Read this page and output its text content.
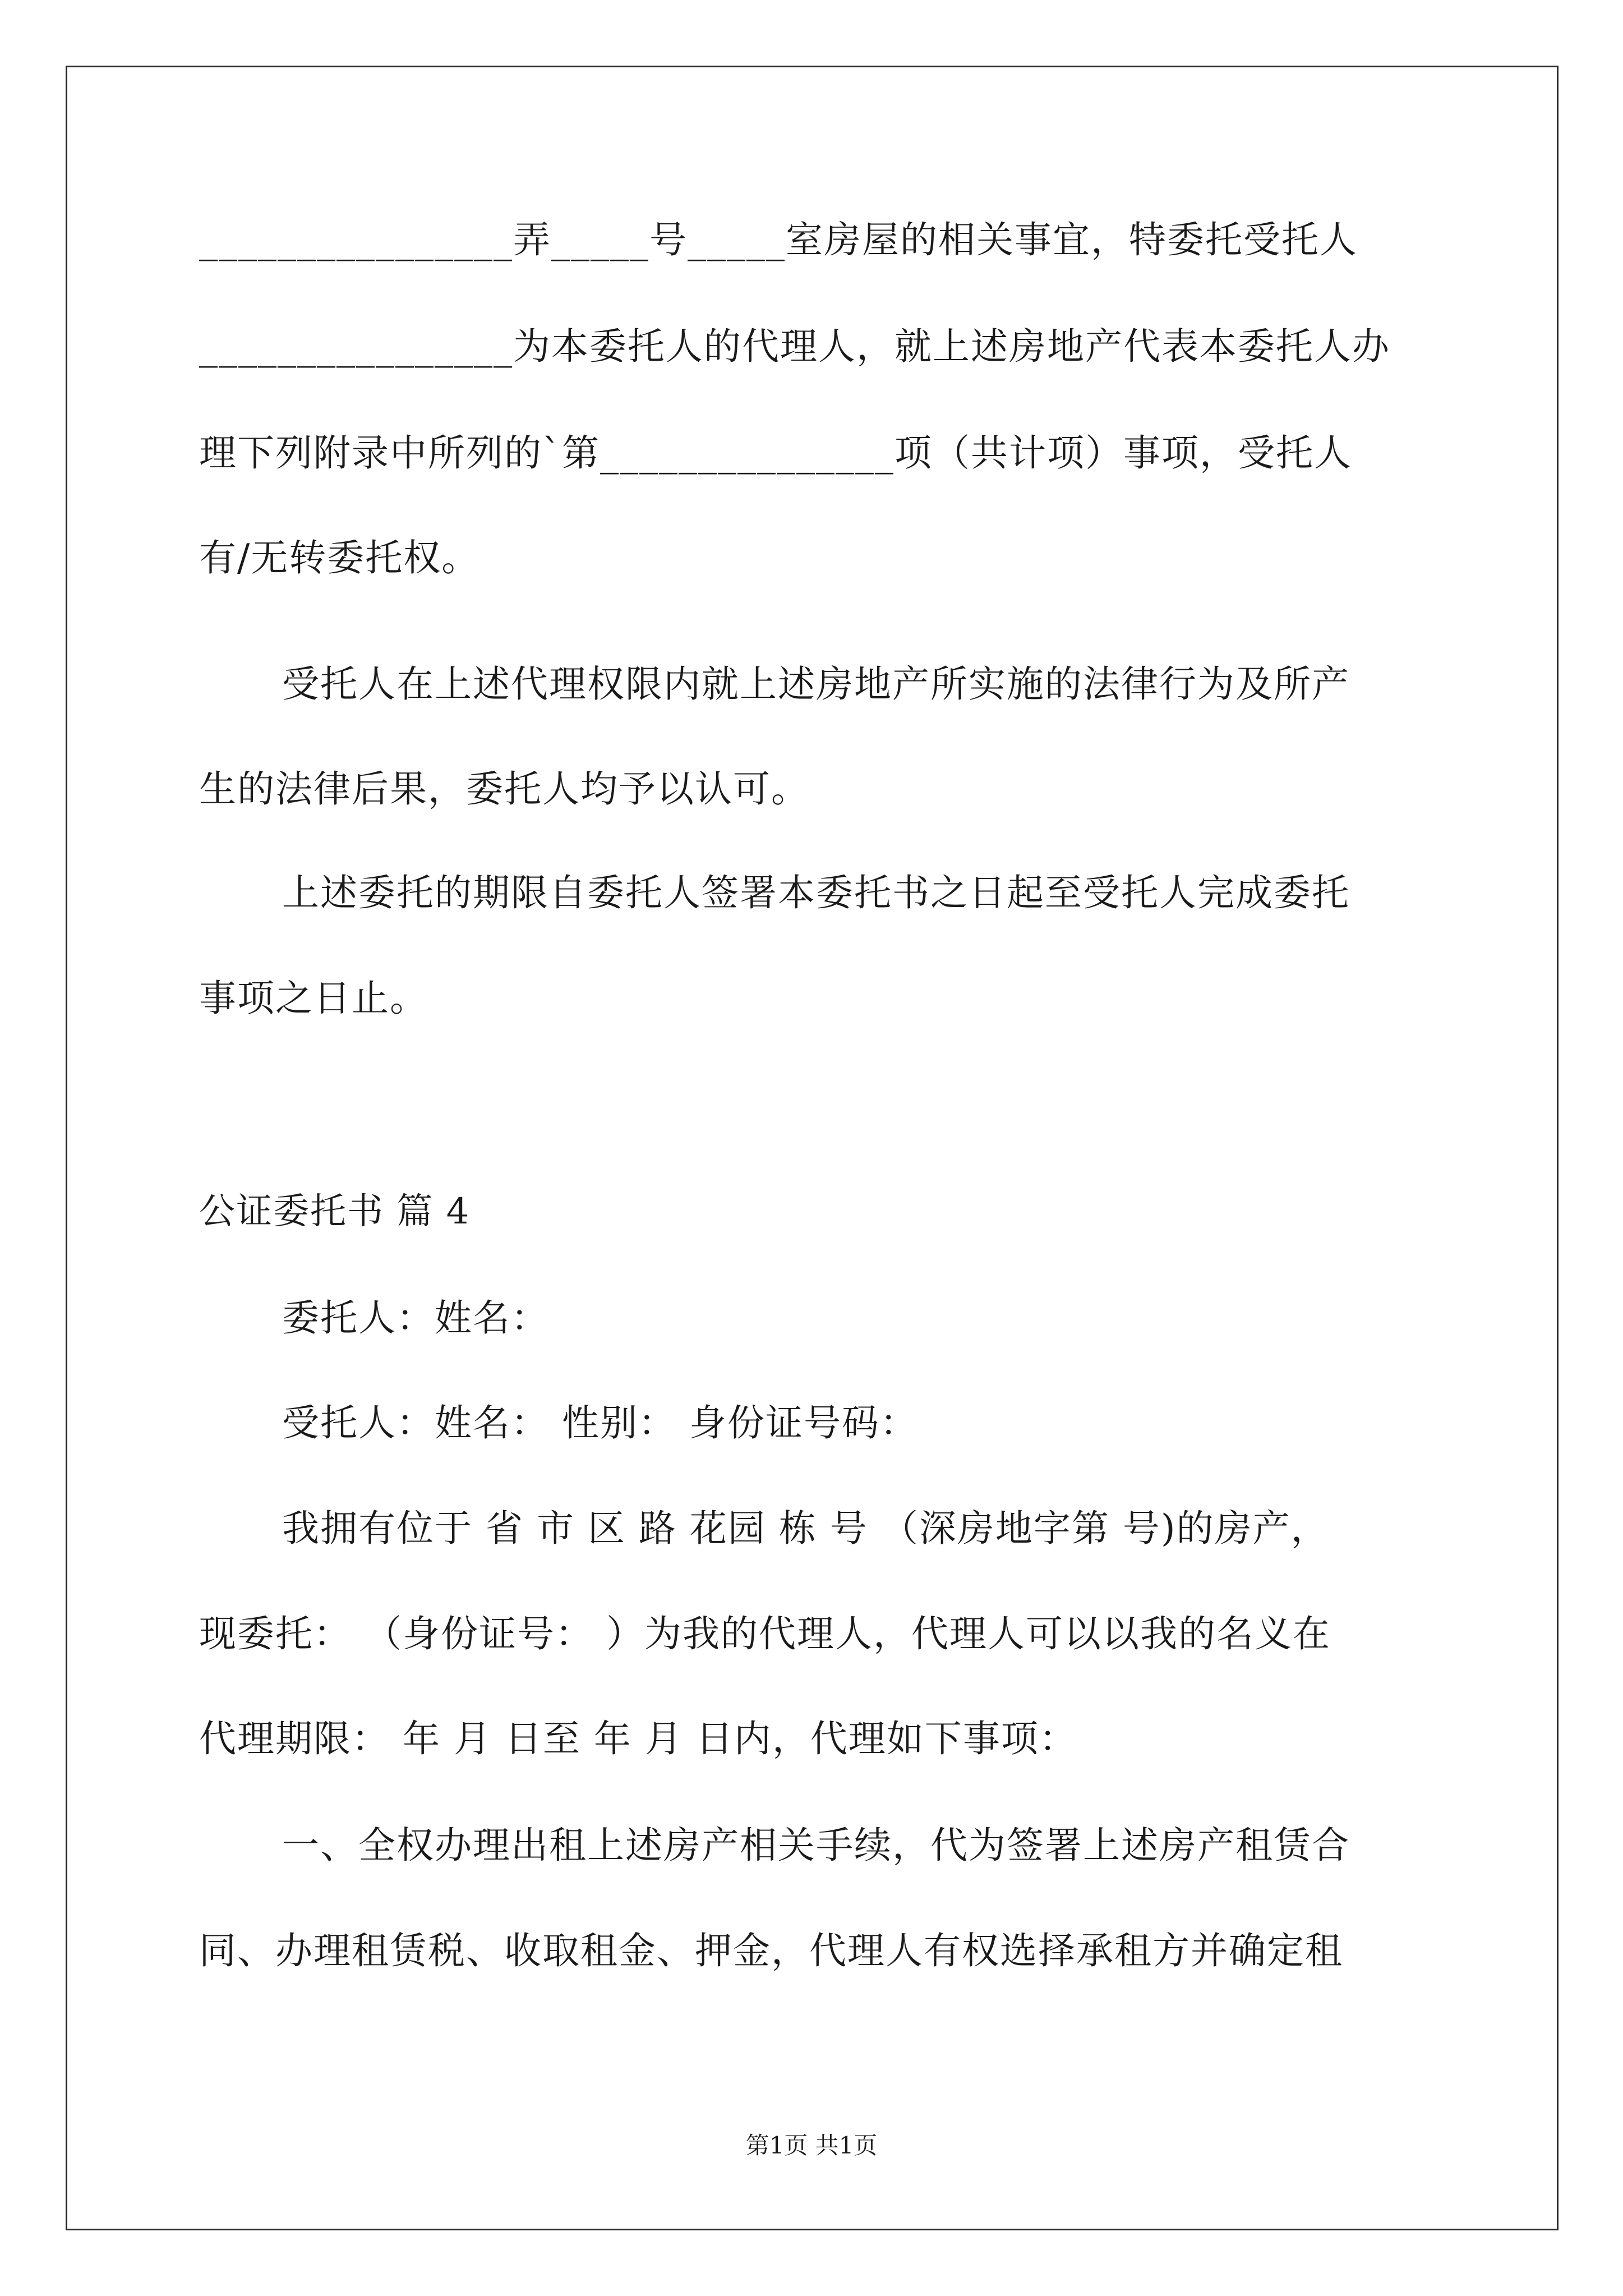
________________弄_____号_____室房屋的相关事宜，特委托受托人
________________为本委托人的代理人，就上述房地产代表本委托人办
理下列附录中所列的`第_______________项（共计项）事项，受托人
有/无转委托权。
受托人在上述代理权限内就上述房地产所实施的法律行为及所产
生的法律后果，委托人均予以认可。
上述委托的期限自委托人签署本委托书之日起至受托人完成委托
事项之日止。
公证委托书 篇 4
委托人：姓名：
受托人：姓名： 性别： 身份证号码：
我拥有位于 省 市 区 路 花园 栋 号 （深房地字第 号)的房产，
现委托： （身份证号： ）为我的代理人，代理人可以以我的名义在
代理期限： 年 月 日至 年 月 日内，代理如下事项：
一、全权办理出租上述房产相关手续，代为签署上述房产租赁合
同、办理租赁税、收取租金、押金，代理人有权选择承租方并确定租
第1页 共1页
